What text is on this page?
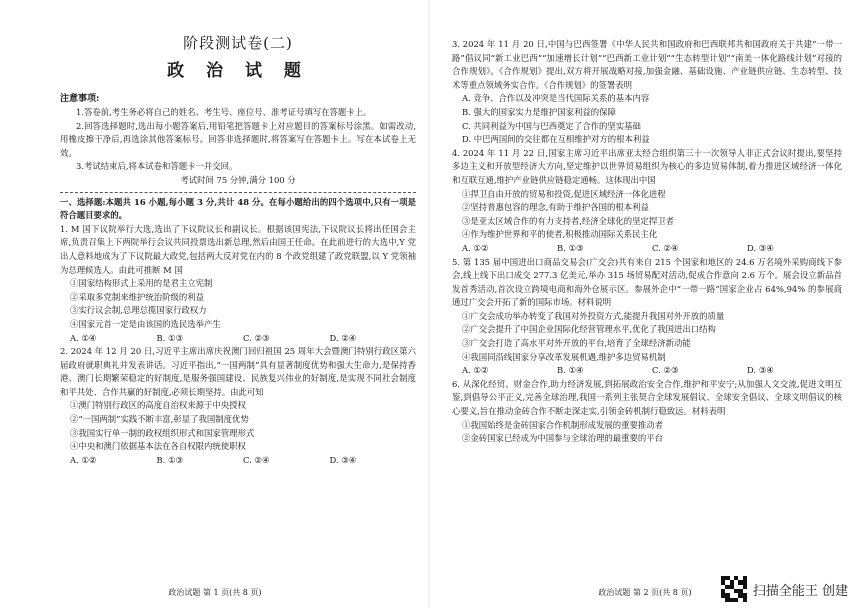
阶段测试卷(二)
政 治 试 题
注意事项:

1.答卷前,考生务必将自己的姓名、考生号、座位号、准考证号填写在答题卡上。

2.回答选择题时,选出每小题答案后,用铅笔把答题卡上对应题目的答案标号涂黑。如需改动,用橡皮擦干净后,再选涂其他答案标号。回答非选择题时,将答案写在答题卡上。写在本试卷上无效。

3.考试结束后,将本试卷和答题卡一并交回。

考试时间 75 分钟,满分 100 分

一、选择题:本题共 16 小题,每小题 3 分,共计 48 分。在每小题给出的四个选项中,只有一项是符合题目要求的。

1. M 国下议院举行大选,选出了下议院议长和副议长。根据该国宪法,下议院议长将出任国会主席,负责召集上下两院举行会议共同投票选出新总理,然后由国王任命。在此前进行的大选中,Y 党出人意料地成为了下议院最大政党,包括两大反对党在内的 8 个政党组建了政党联盟,以 Y 党领袖为总理候选人。由此可推断 M 国

①国家结构形式上采用的是君主立宪制

②采取多党制来维护统治阶级的利益

③实行议会制,总理总揽国家行政权力

④国家元首一定是由该国的选民选举产生

A. ①④	B. ①③	C. ②③	D. ②④

2. 2024 年 12 月 20 日,习近平主席出席庆祝澳门回归祖国 25 周年大会暨澳门特别行政区第六届政府就职典礼并发表讲话。习近平指出,“一国两制”具有显著制度优势和强大生命力,是保持香港、澳门长期繁荣稳定的好制度,是服务强国建设、民族复兴伟业的好制度,是实现不同社会制度和平共处、合作共赢的好制度,必须长期坚持。由此可知

①澳门特别行政区的高度自治权来源于中央授权

②“一国两制”实践不断丰富,彰显了我国制度优势

③我国实行单一制的政权组织形式和国家管理形式

④中央和澳门依据基本法在各自权限内统使职权

A. ①②	B. ①③	C. ②④	D. ③④
政治试题 第 1 页(共 8 页)

3. 2024 年 11 月 20 日,中国与巴西签署《中华人民共和国政府和巴西联邦共和国政府关于共建“一带一路”倡议同“新工业巴西”“加速增长计划”“巴西新工业计划”“生态转型计划”“南美一体化路线计划”对接的合作规划》。《合作规划》提出,双方将开展战略对接,加强金融、基础设施、产业链供应链、生态转型、技术等重点领域务实合作。《合作规划》的签署表明

A. 竞争、合作以及冲突是当代国际关系的基本内容

B. 强大的国家实力是维护国家利益的保障

C. 共同利益为中国与巴西奠定了合作的坚实基础

D. 中巴两国间的交往都在互相维护对方的根本利益

4. 2024 年 11 月 22 日,国家主席习近平出席亚太经合组织第三十一次领导人非正式会议时提出,要坚持多边主义和开放型经济大方向,坚定维护以世界贸易组织为核心的多边贸易体制,着力推进区域经济一体化和互联互通,维护产业链供应链稳定通畅。这体现出中国

①捍卫自由开放的贸易和投资,促进区域经济一体化进程

②坚持普惠包容的理念,有助于维护各国的根本利益

③是亚太区域合作的有力支持者,经济全球化的坚定捍卫者

④作为维护世界和平的使者,积极推动国际关系民主化

A. ①②	B. ①③	C. ②④	D. ③④

5. 第 135 届中国进出口商品交易会(广交会)共有来自 215 个国家和地区的 24.6 万名境外采购商线下参会,线上线下出口成交 277.3 亿美元,举办 315 场贸易配对活动,促成合作意向 2.6 万个。展会设立新品首发首秀活动,首次设立跨境电商和海外仓展示区。参展外企中“一带一路”国家企业占 64%,94% 的参展商通过广交会开拓了新的国际市场。材料说明

①广交会成功举办转变了我国对外投资方式,能提升我国对外开放的质量

②广交会提升了中国企业国际化经营管理水平,优化了我国进出口结构

③广交会打造了高水平对外开放的平台,培育了全球经济新动能

④我国同沿线国家分享改革发展机遇,维护多边贸易机制

A. ①②	B. ①④	C. ②③	D. ③④

6. 从深化经贸、财金合作,助力经济发展,到拓展政治安全合作,维护和平安宁;从加强人文交流,促进文明互鉴,到倡导公平正义,完善全球治理,我国一系列主张契合全球发展倡议、全球安全倡议、全球文明倡议的核心要义,旨在推动金砖合作不断走深走实,引领金砖机制行稳致远。材料表明

①我国始终是金砖国家合作机制形成发展的重要推动者

②金砖国家已经成为中国参与全球治理的最重要的平台

政治试题 第 2 页(共 8 页)	扫描全能王 创建
